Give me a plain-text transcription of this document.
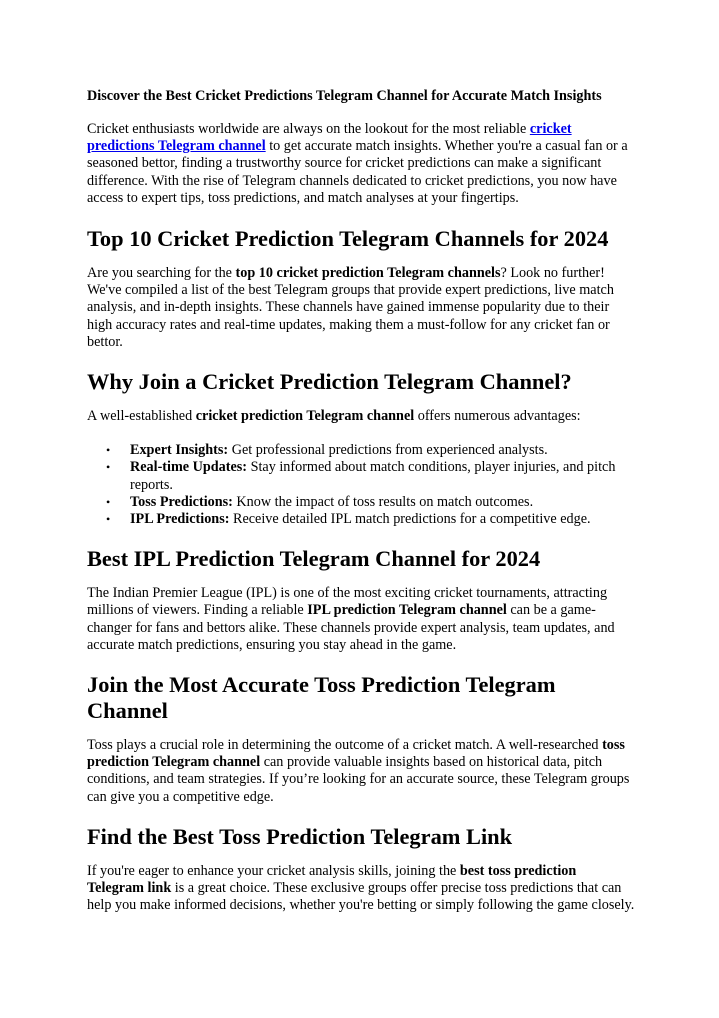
Discover the Best Cricket Predictions Telegram Channel for Accurate Match Insights

Cricket enthusiasts worldwide are always on the lookout for the most reliable cricket predictions Telegram channel to get accurate match insights. Whether you're a casual fan or a seasoned bettor, finding a trustworthy source for cricket predictions can make a significant difference. With the rise of Telegram channels dedicated to cricket predictions, you now have access to expert tips, toss predictions, and match analyses at your fingertips.

Top 10 Cricket Prediction Telegram Channels for 2024

Are you searching for the top 10 cricket prediction Telegram channels? Look no further! We've compiled a list of the best Telegram groups that provide expert predictions, live match analysis, and in-depth insights. These channels have gained immense popularity due to their high accuracy rates and real-time updates, making them a must-follow for any cricket fan or bettor.

Why Join a Cricket Prediction Telegram Channel?

A well-established cricket prediction Telegram channel offers numerous advantages:

• Expert Insights: Get professional predictions from experienced analysts.
• Real-time Updates: Stay informed about match conditions, player injuries, and pitch reports.
• Toss Predictions: Know the impact of toss results on match outcomes.
• IPL Predictions: Receive detailed IPL match predictions for a competitive edge.
Best IPL Prediction Telegram Channel for 2024

The Indian Premier League (IPL) is one of the most exciting cricket tournaments, attracting millions of viewers. Finding a reliable IPL prediction Telegram channel can be a game-changer for fans and bettors alike. These channels provide expert analysis, team updates, and accurate match predictions, ensuring you stay ahead in the game.

Join the Most Accurate Toss Prediction Telegram Channel

Toss plays a crucial role in determining the outcome of a cricket match. A well-researched toss prediction Telegram channel can provide valuable insights based on historical data, pitch conditions, and team strategies. If you’re looking for an accurate source, these Telegram groups can give you a competitive edge.

Find the Best Toss Prediction Telegram Link

If you're eager to enhance your cricket analysis skills, joining the best toss prediction Telegram link is a great choice. These exclusive groups offer precise toss predictions that can help you make informed decisions, whether you're betting or simply following the game closely.
